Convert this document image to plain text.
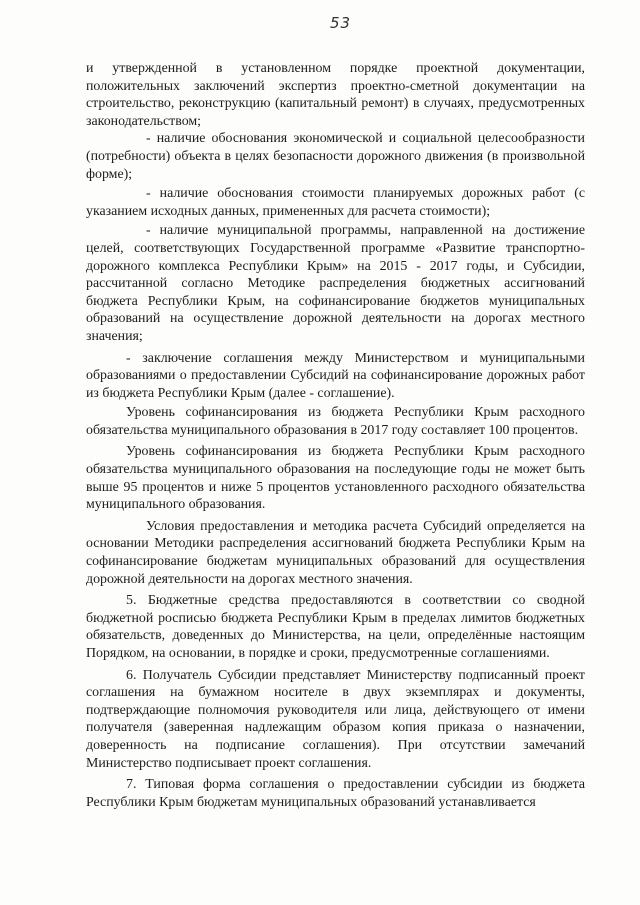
53

и утвержденной в установленном порядке проектной документации, положительных заключений экспертиз проектно-сметной документации на строительство, реконструкцию (капитальный ремонт) в случаях, предусмотренных законодательством;

- наличие обоснования экономической и социальной целесообразности (потребности) объекта в целях безопасности дорожного движения (в произвольной форме);

- наличие обоснования стоимости планируемых дорожных работ (с указанием исходных данных, примененных для расчета стоимости);

- наличие муниципальной программы, направленной на достижение целей, соответствующих Государственной программе «Развитие транспортно-дорожного комплекса Республики Крым» на 2015 - 2017 годы, и Субсидии, рассчитанной согласно Методике распределения бюджетных ассигнований бюджета Республики Крым, на софинансирование бюджетов муниципальных образований на осуществление дорожной деятельности на дорогах местного значения;

- заключение соглашения между Министерством и муниципальными образованиями о предоставлении Субсидий на софинансирование дорожных работ из бюджета Республики Крым (далее - соглашение).

Уровень софинансирования из бюджета Республики Крым расходного обязательства муниципального образования в 2017 году составляет 100 процентов.

Уровень софинансирования из бюджета Республики Крым расходного обязательства муниципального образования на последующие годы не может быть выше 95 процентов и ниже 5 процентов установленного расходного обязательства муниципального образования.

Условия предоставления и методика расчета Субсидий определяется на основании Методики распределения ассигнований бюджета Республики Крым на софинансирование бюджетам муниципальных образований для осуществления дорожной деятельности на дорогах местного значения.

5. Бюджетные средства предоставляются в соответствии со сводной бюджетной росписью бюджета Республики Крым в пределах лимитов бюджетных обязательств, доведенных до Министерства, на цели, определённые настоящим Порядком, на основании, в порядке и сроки, предусмотренные соглашениями.

6. Получатель Субсидии представляет Министерству подписанный проект соглашения на бумажном носителе в двух экземплярах и документы, подтверждающие полномочия руководителя или лица, действующего от имени получателя (заверенная надлежащим образом копия приказа о назначении, доверенность на подписание соглашения). При отсутствии замечаний Министерство подписывает проект соглашения.

7. Типовая форма соглашения о предоставлении субсидии из бюджета Республики Крым бюджетам муниципальных образований устанавливается
